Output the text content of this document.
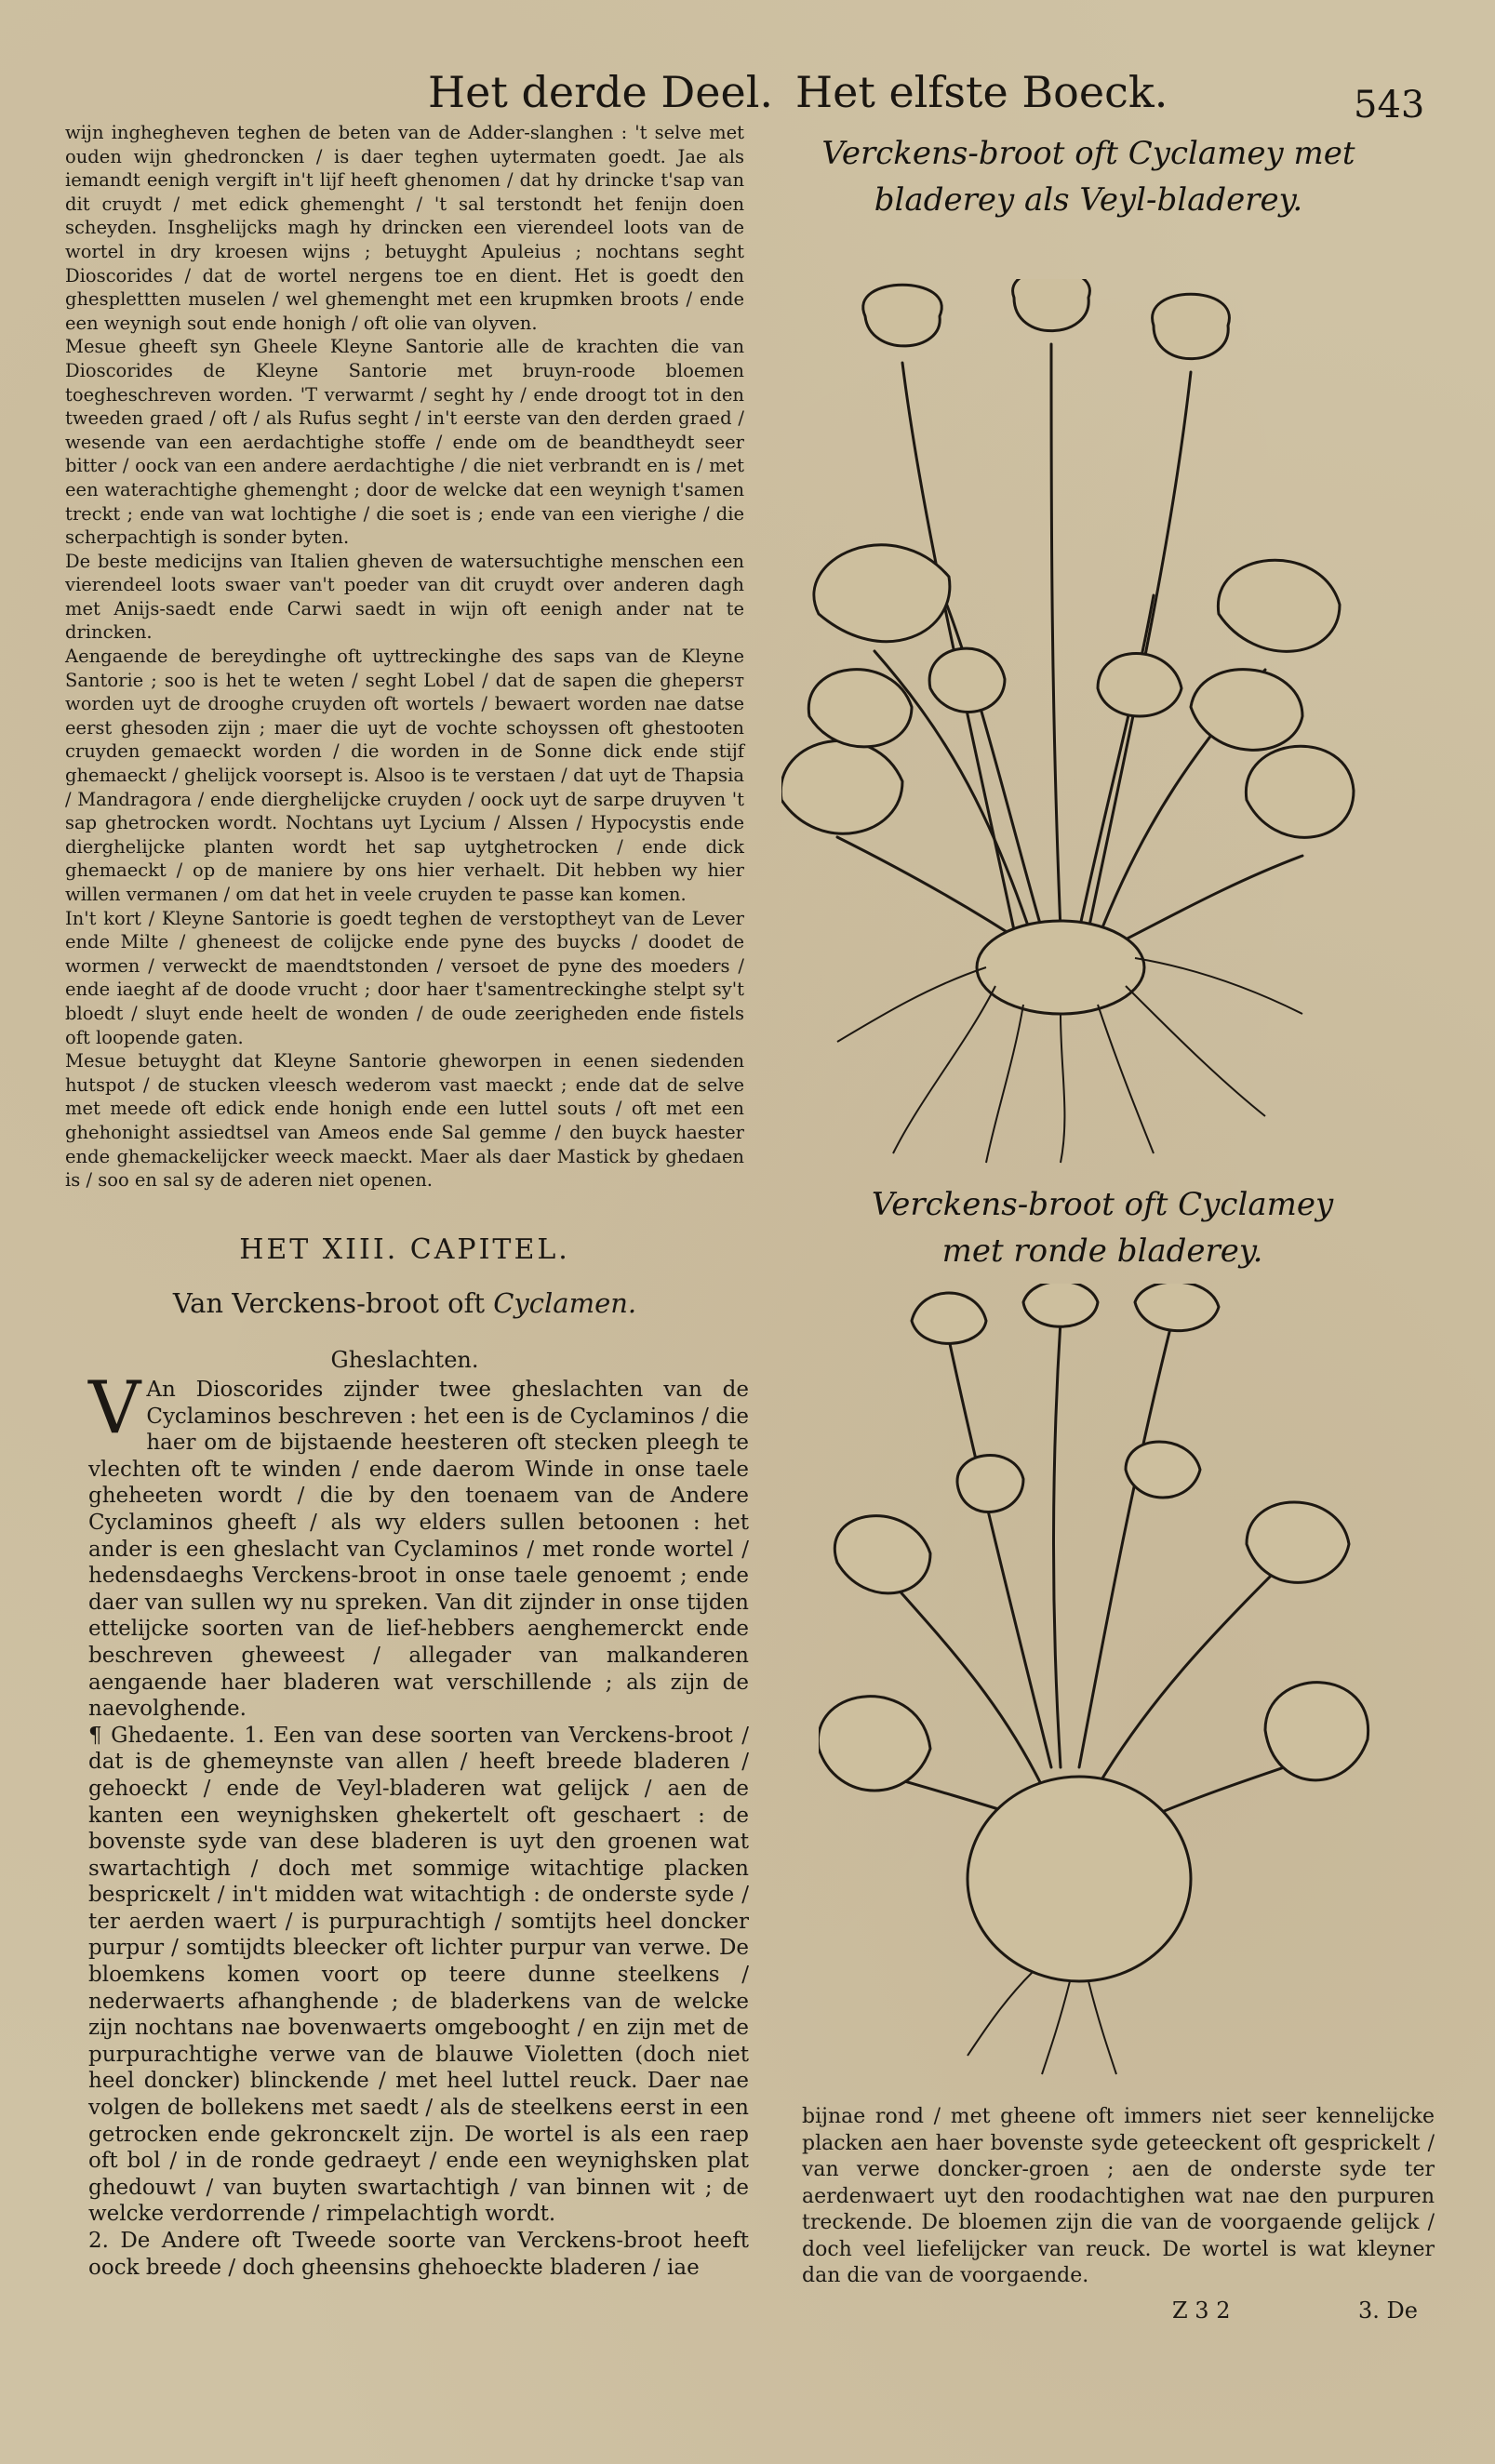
Het derde Deel. Het elfste Boeck.	543

wijn inghegheven teghen de beten van de Adder-slanghen : 't selve met ouden wijn ghedroncken / is daer teghen uytermaten goedt. Jae als iemandt eenigh vergift in't lijf heeft ghenomen / dat hy drincke t'sap van dit cruydt / met edick ghemenght / 't sal terstondt het fenijn doen scheyden. Insghelijcks magh hy drincken een vierendeel loots van de wortel in dry kroesen wijns ; betuyght Apuleius ; nochtans seght Dioscorides / dat de wortel nergens toe en dient. Het is goedt den ghesplettten muselen / wel ghemenght met een krupmken broots / ende een weynigh sout ende honigh / oft olie van olyven.

Mesue gheeft syn Gheele Kleyne Santorie alle de krachten die van Dioscorides de Kleyne Santorie met bruyn-roode bloemen toegheschreven worden. 'T verwarmt / seght hy / ende droogt tot in den tweeden graed / oft / als Rufus seght / in't eerste van den derden graed / wesende van een aerdachtighe stoffe / ende om de beandtheydt seer bitter / oock van een andere aerdachtighe / die niet verbrandt en is / met een waterachtighe ghemenght ; door de welcke dat een weynigh t'samen treckt ; ende van wat lochtighe / die soet is ; ende van een vierighe / die scherpachtigh is sonder byten.

De beste medicijns van Italien gheven de watersuchtighe menschen een vierendeel loots swaer van't poeder van dit cruydt over anderen dagh met Anijs-saedt ende Carwi saedt in wijn oft eenigh ander nat te drincken.

Aengaende de bereydinghe oft uyttreckinghe des saps van de Kleyne Santorie ; soo is het te weten / seght Lobel / dat de sapen die ghepersт worden uyt de drooghe cruyden oft wortels / bewaert worden nae datse eerst ghesoden zijn ; maer die uyt de vochte schoyssen oft ghestooten cruyden gemaeckt worden / die worden in de Sonne dick ende stijf ghemaeckt / ghelijck voorsept is. Alsoo is te verstaen / dat uyt de Thapsia / Mandragora / ende dierghelijcke cruyden / oock uyt de sarpe druyven 't sap ghetrocken wordt. Nochtans uyt Lycium / Alssen / Hypocystis ende dierghelijcke planten wordt het sap uytghetrocken / ende dick ghemaeckt / op de maniere by ons hier verhaelt. Dit hebben wy hier willen vermanen / om dat het in veele cruyden te passe kan komen.

In't kort / Kleyne Santorie is goedt teghen de verstoptheyt van de Lever ende Milte / gheneest de colijcke ende pyne des buycks / doodet de wormen / verweckt de maendtstonden / versoet de pyne des moeders / ende iaeght af de doode vrucht ; door haer t'samentreckinghe stelpt sy't bloedt / sluyt ende heelt de wonden / de oude zeerigheden ende fistels oft loopende gaten.

Mesue betuyght dat Kleyne Santorie gheworpen in eenen siedenden hutspot / de stucken vleesch wederom vast maeckt ; ende dat de selve met meede oft edick ende honigh ende een luttel souts / oft met een ghehonight assiedtsel van Ameos ende Sal gemme / den buyck haester ende ghemackelijcker weeck maeckt. Maer als daer Mastick by ghedaen is / soo en sal sy de aderen niet openen.

HET XIII. CAPITEL.
Van Verckens-broot oft Cyclamen.
Gheslachten.

V An Dioscorides zijnder twee gheslachten van de Cyclaminos beschreven : het een is de Cyclaminos / die haer om de bijstaende heesteren oft stecken pleegh te vlechten oft te winden / ende daerom Winde in onse taele gheheeten wordt / die by den toenaem van de Andere Cyclaminos gheeft / als wy elders sullen betoonen : het ander is een gheslacht van Cyclaminos / met ronde wortel / hedensdaeghs Verckens-broot in onse taele genoemt ; ende daer van sullen wy nu spreken. Van dit zijnder in onse tijden ettelijcke soorten van de lief-hebbers aenghemerckt ende beschreven gheweest / allegader van malkanderen aengaende haer bladeren wat verschillende ; als zijn de naevolghende.

¶ Ghedaente. 1. Een van dese soorten van Verckens-broot / dat is de ghemeynste van allen / heeft breede bladeren / gehoeckt / ende de Veyl-bladeren wat gelijck / aen de kanten een weynighsken ghekertelt oft geschaert : de bovenste syde van dese bladeren is uyt den groenen wat swartachtigh / doch met sommige witachtige placken bespricкelt / in't midden wat witachtigh : de onderste syde / ter aerden waert / is purpurachtigh / somtijts heel doncker purpur / somtijdts bleecker oft lichter purpur van verwe. De bloemkens komen voort op teere dunne steelkens / nederwaerts afhanghende ; de bladerkens van de welcke zijn nochtans nae bovenwaerts omgebooght / en zijn met de purpurachtighe verwe van de blauwe Violetten (doch niet heel doncker) blinckende / met heel luttel reuck. Daer nae volgen de bollekens met saedt / als de steelkens eerst in een getrocken ende gekroncкelt zijn. De wortel is als een raep oft bol / in de ronde gedraeyt / ende een weynighsken plat ghedouwt / van buyten swartachtigh / van binnen wit ; de welcke verdorrende / rimpelachtigh wordt.

2. De Andere oft Tweede soorte van Verckens-broot heeft oock breede / doch gheensins ghehoeckte bladeren / iae

Verckens-broot oft Cyclamey met bladerey als Veyl-bladerey.
Verckens-broot oft Cyclamey met ronde bladerey.

bijnae rond / met gheene oft immers niet seer kennelijcke placken aen haer bovenste syde geteeckent oft gesprickelt / van verwe doncker-groen ; aen de onderste syde ter aerdenwaert uyt den roodachtighen wat nae den purpuren treckende. De bloemen zijn die van de voorgaende gelijck / doch veel liefelijcker van reuck. De wortel is wat kleyner dan die van de voorgaende.

Z 3 2	3. De
